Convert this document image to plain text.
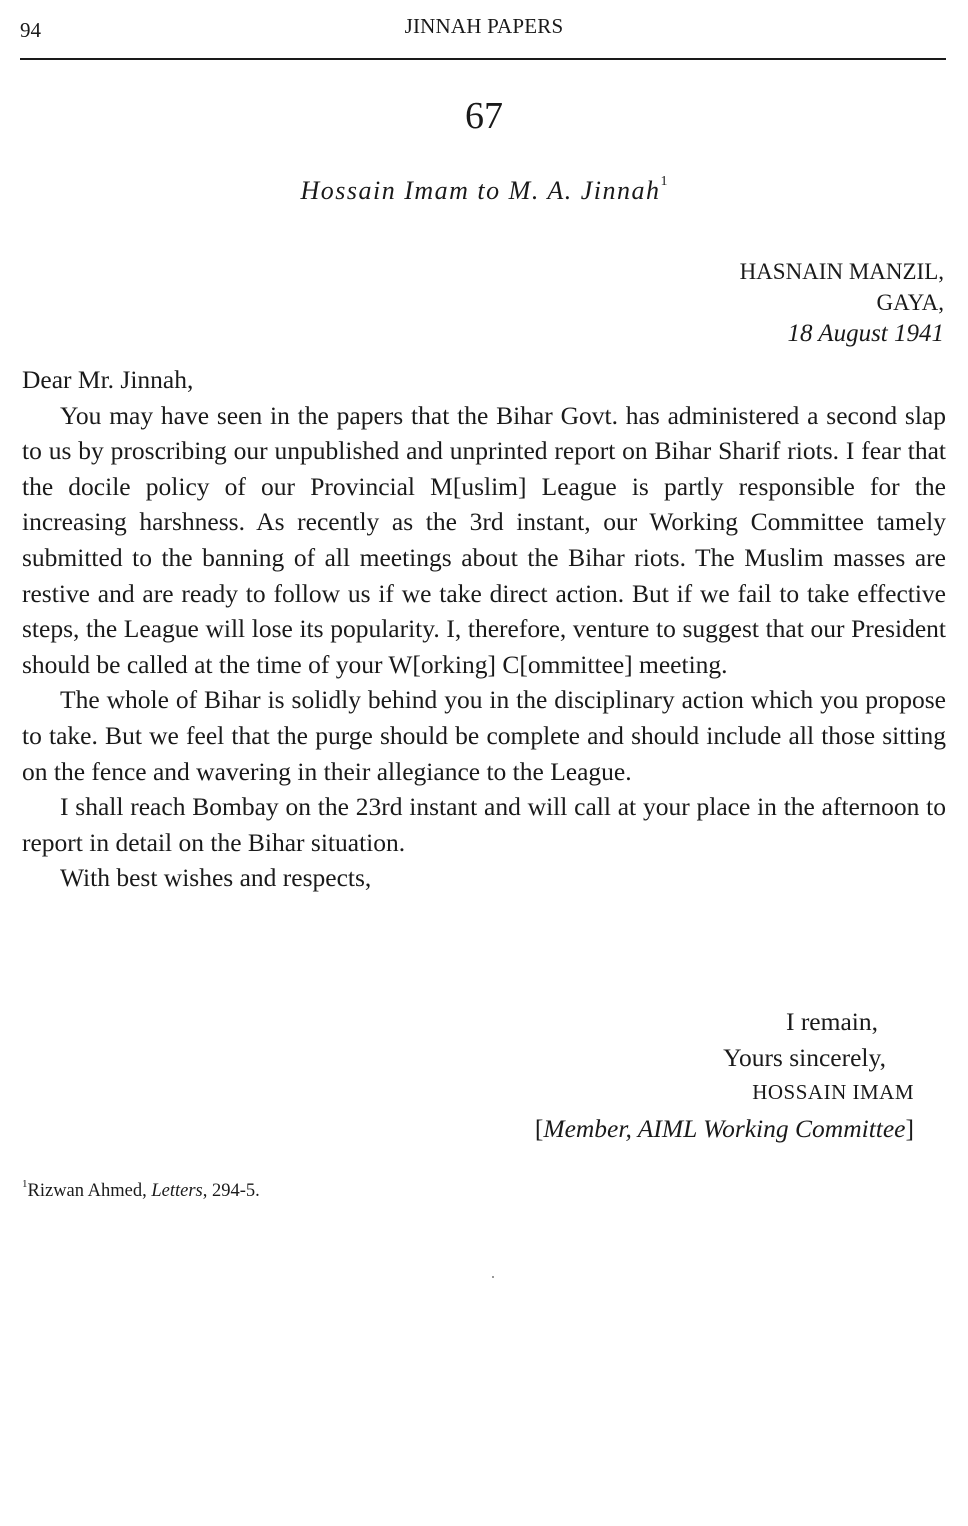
94	JINNAH PAPERS
67
Hossain Imam to M. A. Jinnah$^1$
HASNAIN MANZIL,
GAYA,
18 August 1941

Dear Mr. Jinnah,

You may have seen in the papers that the Bihar Govt. has administered a second slap to us by proscribing our unpublished and unprinted report on Bihar Sharif riots. I fear that the docile policy of our Provincial M[uslim] League is partly responsible for the increasing harshness. As recently as the 3rd instant, our Working Committee tamely submitted to the banning of all meetings about the Bihar riots. The Muslim masses are restive and are ready to follow us if we take direct action. But if we fail to take effective steps, the League will lose its popularity. I, therefore, venture to suggest that our President should be called at the time of your W[orking] C[ommittee] meeting.

The whole of Bihar is solidly behind you in the disciplinary action which you propose to take. But we feel that the purge should be complete and should include all those sitting on the fence and wavering in their allegiance to the League.

I shall reach Bombay on the 23rd instant and will call at your place in the afternoon to report in detail on the Bihar situation.

With best wishes and respects,

I remain,
Yours sincerely,
HOSSAIN IMAM
[Member, AIML Working Committee]
$^1$Rizwan Ahmed, Letters, 294-5.
